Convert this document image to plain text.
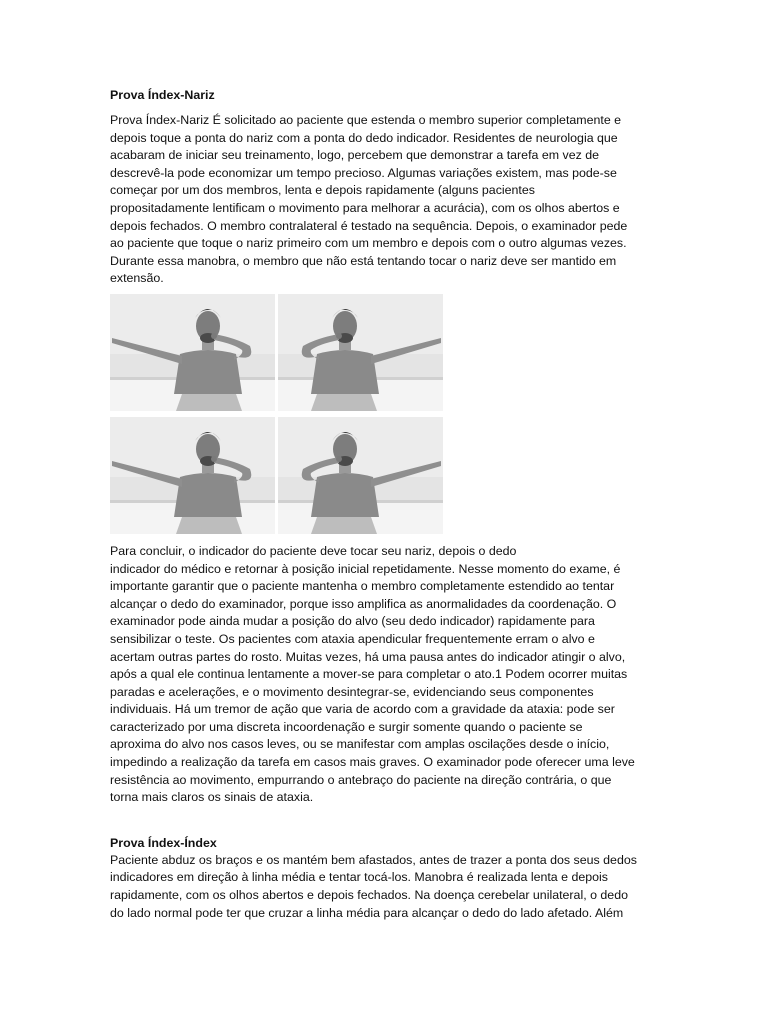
Prova Índex-Nariz

Prova Índex-Nariz É solicitado ao paciente que estenda o membro superior completamente e
depois toque a ponta do nariz com a ponta do dedo indicador. Residentes de neurologia que
acabaram de iniciar seu treinamento, logo, percebem que demonstrar a tarefa em vez de
descrevê-la pode economizar um tempo precioso. Algumas variações existem, mas pode-se
começar por um dos membros, lenta e depois rapidamente (alguns pacientes
propositadamente lentificam o movimento para melhorar a acurácia), com os olhos abertos e
depois fechados. O membro contralateral é testado na sequência. Depois, o examinador pede
ao paciente que toque o nariz primeiro com um membro e depois com o outro algumas vezes.
Durante essa manobra, o membro que não está tentando tocar o nariz deve ser mantido em
extensão.
Para concluir, o indicador do paciente deve tocar seu nariz, depois o dedo
indicador do médico e retornar à posição inicial repetidamente. Nesse momento do exame, é
importante garantir que o paciente mantenha o membro completamente estendido ao tentar
alcançar o dedo do examinador, porque isso amplifica as anormalidades da coordenação. O
examinador pode ainda mudar a posição do alvo (seu dedo indicador) rapidamente para
sensibilizar o teste. Os pacientes com ataxia apendicular frequentemente erram o alvo e
acertam outras partes do rosto. Muitas vezes, há uma pausa antes do indicador atingir o alvo,
após a qual ele continua lentamente a mover-se para completar o ato.1 Podem ocorrer muitas
paradas e acelerações, e o movimento desintegrar-se, evidenciando seus componentes
individuais. Há um tremor de ação que varia de acordo com a gravidade da ataxia: pode ser
caracterizado por uma discreta incoordenação e surgir somente quando o paciente se
aproxima do alvo nos casos leves, ou se manifestar com amplas oscilações desde o início,
impedindo a realização da tarefa em casos mais graves. O examinador pode oferecer uma leve
resistência ao movimento, empurrando o antebraço do paciente na direção contrária, o que
torna mais claros os sinais de ataxia.

Prova Índex-Índex

Paciente abduz os braços e os mantém bem afastados, antes de trazer a ponta dos seus dedos
indicadores em direção à linha média e tentar tocá-los. Manobra é realizada lenta e depois
rapidamente, com os olhos abertos e depois fechados. Na doença cerebelar unilateral, o dedo
do lado normal pode ter que cruzar a linha média para alcançar o dedo do lado afetado. Além
